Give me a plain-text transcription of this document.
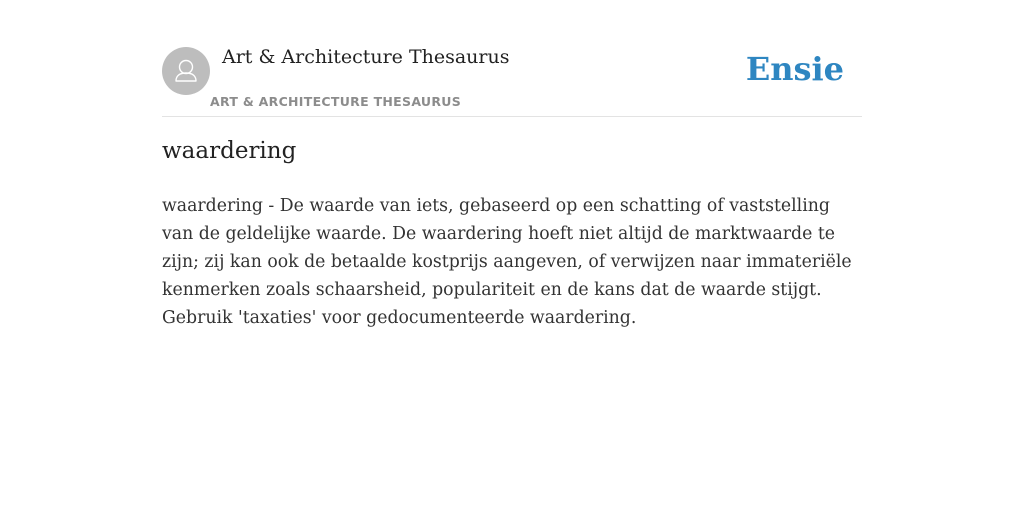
Art & Architecture Thesaurus
ART & ARCHITECTURE THESAURUS
Ensie
waardering

waardering - De waarde van iets, gebaseerd op een schatting of vaststelling van de geldelijke waarde. De waardering hoeft niet altijd de marktwaarde te zijn; zij kan ook de betaalde kostprijs aangeven, of verwijzen naar immateriële kenmerken zoals schaarsheid, populariteit en de kans dat de waarde stijgt. Gebruik 'taxaties' voor gedocumenteerde waardering.
